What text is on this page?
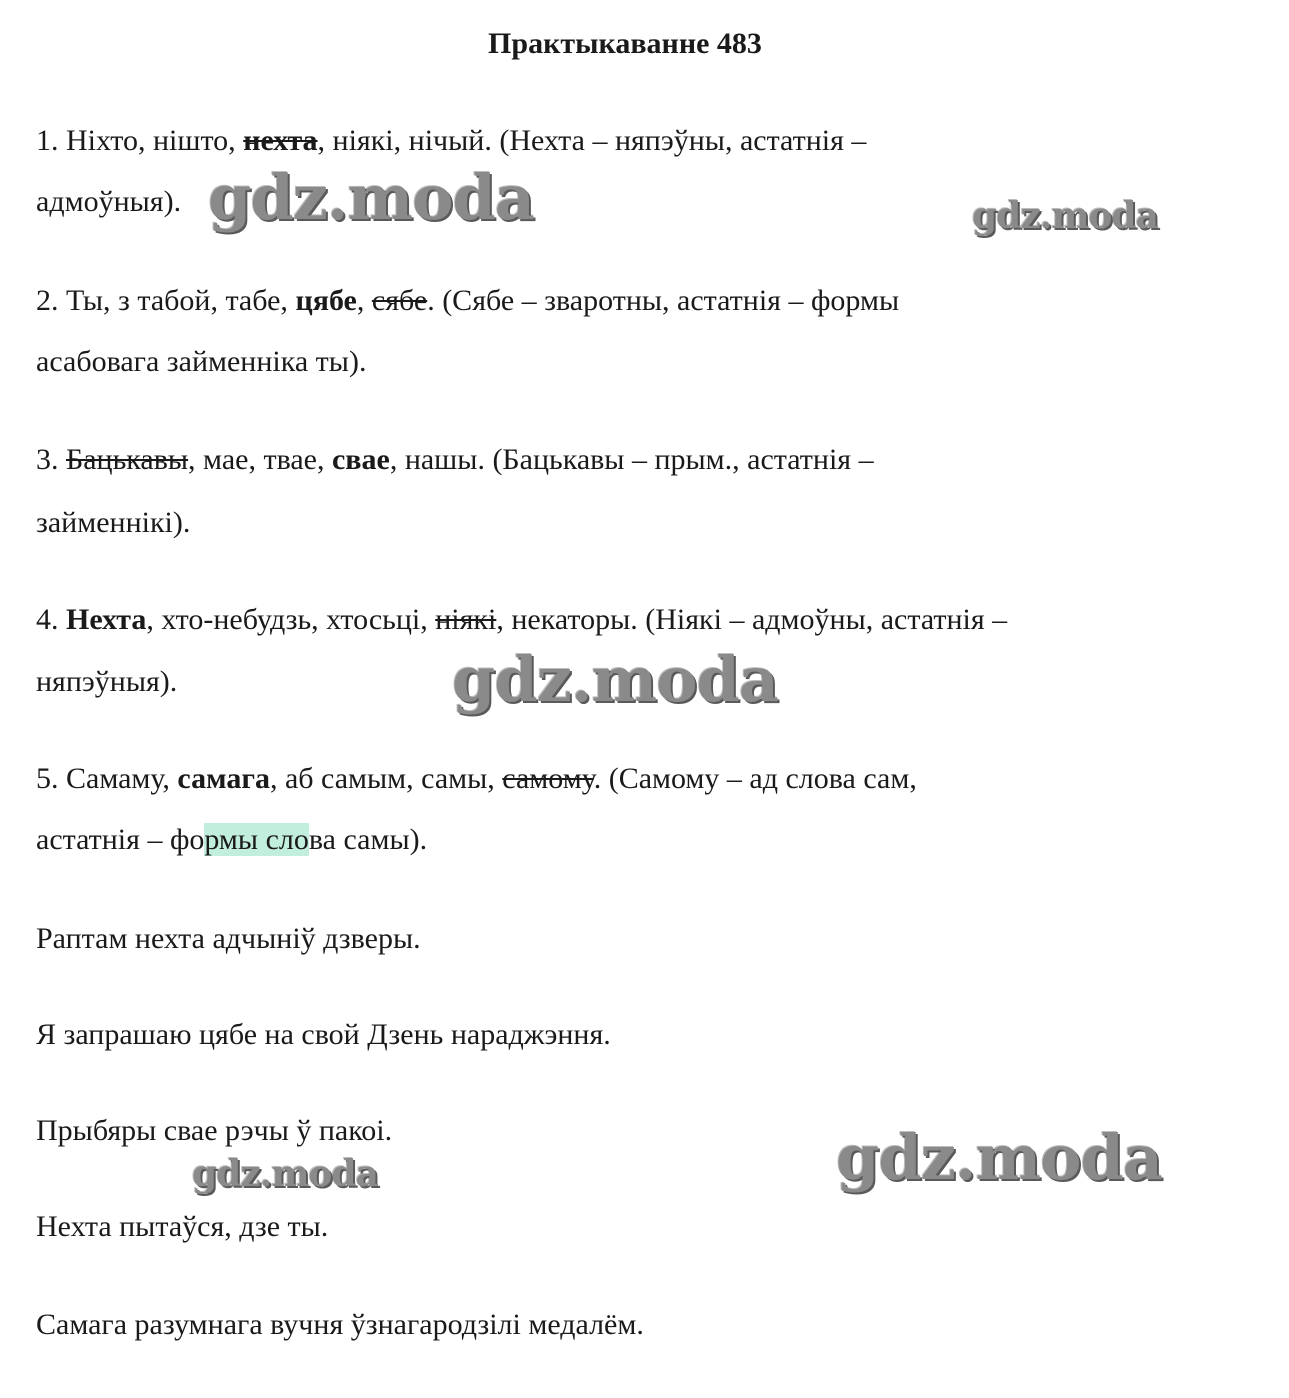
Практыкаванне 483
1. Ніхто, нішто, нехта, ніякі, нічый. (Нехта – няпэўны, астатнія –
адмоўныя).
2. Ты, з табой, табе, цябе, сябе. (Сябе – зваротны, астатнія – формы
асабовага займенніка ты).
3. Бацькавы, мае, тваe, свае, нашы. (Бацькавы – прым., астатнія –
займеннікі).
4. Нехта, хто-небудзь, хтосьці, ніякі, некаторы. (Ніякі – адмоўны, астатнія –
няпэўныя).
5. Самаму, самага, аб самым, самы, самому. (Самому – ад слова сам,
астатнія – формы слова самы).
Раптам нехта адчыніў дзверы.
Я запрашаю цябе на свой Дзень нараджэння.
Прыбяры свае рэчы ў пакоі.
Нехта пытаўся, дзе ты.
Самага разумнага вучня ўзнагародзілі медалём.
gdz.moda	gdz.moda
gdz.moda
gdz.moda	gdz.moda
